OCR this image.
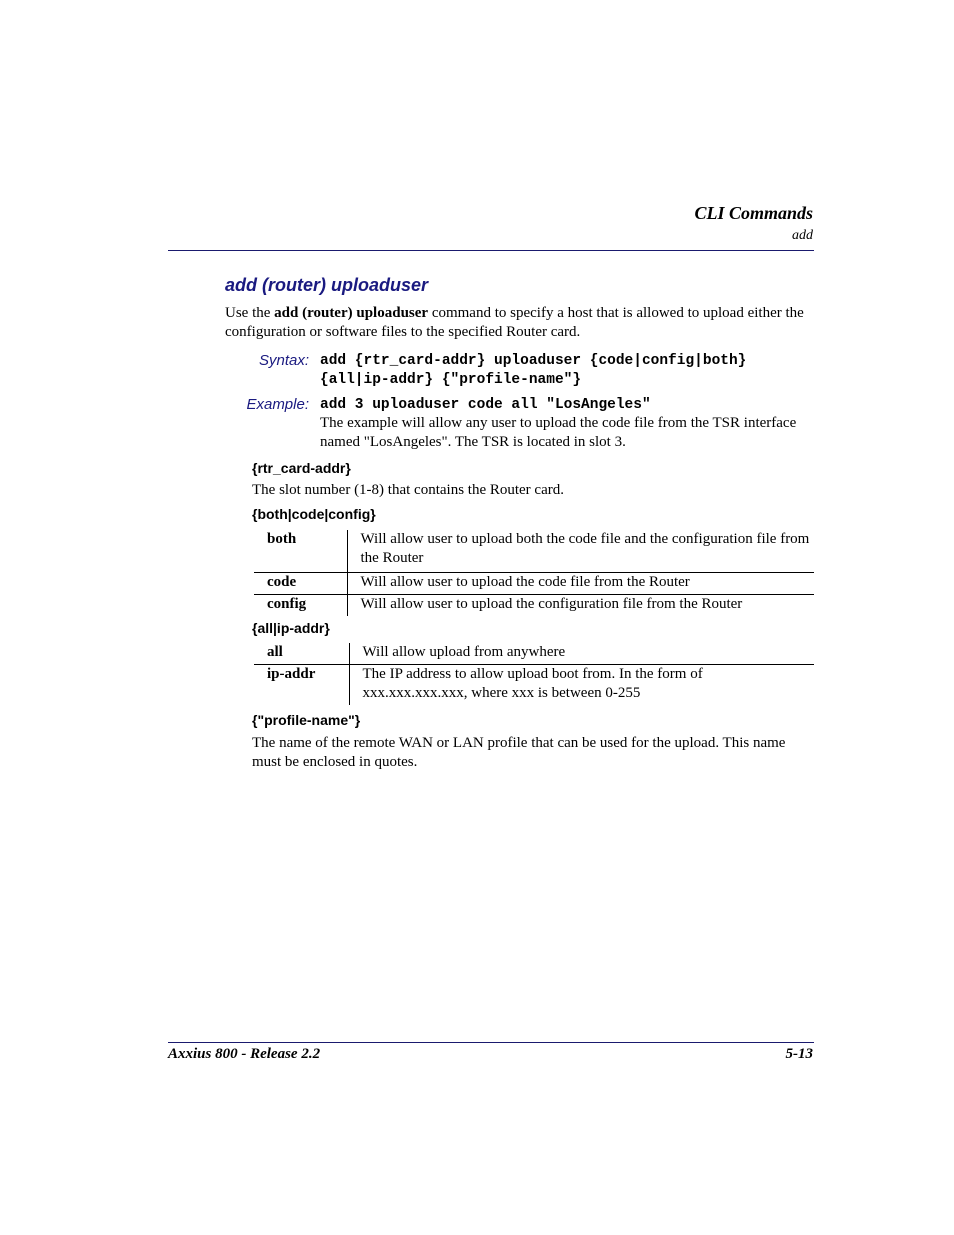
CLI Commands
add
add (router) uploaduser
Use the add (router) uploaduser command to specify a host that is allowed to upload either the configuration or software files to the specified Router card.
Syntax: add {rtr_card-addr} uploaduser {code|config|both}
{all|ip-addr} {"profile-name"}
Example: add 3 uploaduser code all "LosAngeles"
The example will allow any user to upload the code file from the TSR interface named "LosAngeles". The TSR is located in slot 3.
{rtr_card-addr}
The slot number (1-8) that contains the Router card.
{both|code|config}
both	Will allow user to upload both the code file and the configuration file from the Router
code	Will allow user to upload the code file from the Router
config	Will allow user to upload the configuration file from the Router
{all|ip-addr}
all	Will allow upload from anywhere
ip-addr	The IP address to allow upload boot from. In the form of xxx.xxx.xxx.xxx, where xxx is between 0-255
{"profile-name"}
The name of the remote WAN or LAN profile that can be used for the upload. This name must be enclosed in quotes.
Axxius 800 - Release 2.2	5-13
